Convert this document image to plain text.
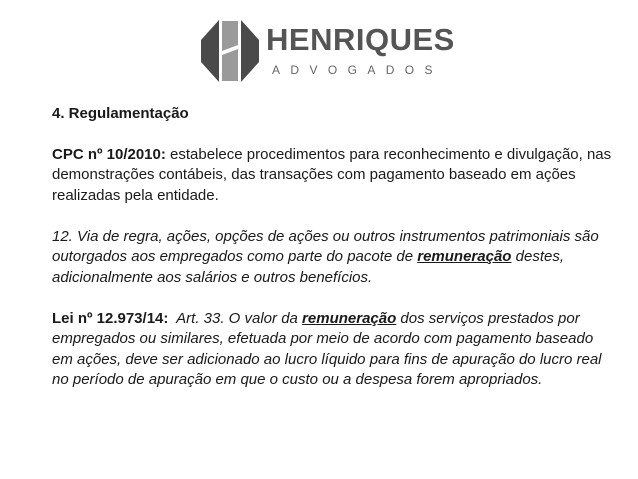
HENRIQUES
ADVOGADOS
4. Regulamentação
CPC nº 10/2010: estabelece procedimentos para reconhecimento e divulgação, nas demonstrações contábeis, das transações com pagamento baseado em ações realizadas pela entidade.
12. Via de regra, ações, opções de ações ou outros instrumentos patrimoniais são outorgados aos empregados como parte do pacote de remuneração destes, adicionalmente aos salários e outros benefícios.
Lei nº 12.973/14:  Art. 33. O valor da remuneração dos serviços prestados por empregados ou similares, efetuada por meio de acordo com pagamento baseado em ações, deve ser adicionado ao lucro líquido para fins de apuração do lucro real no período de apuração em que o custo ou a despesa forem apropriados.
